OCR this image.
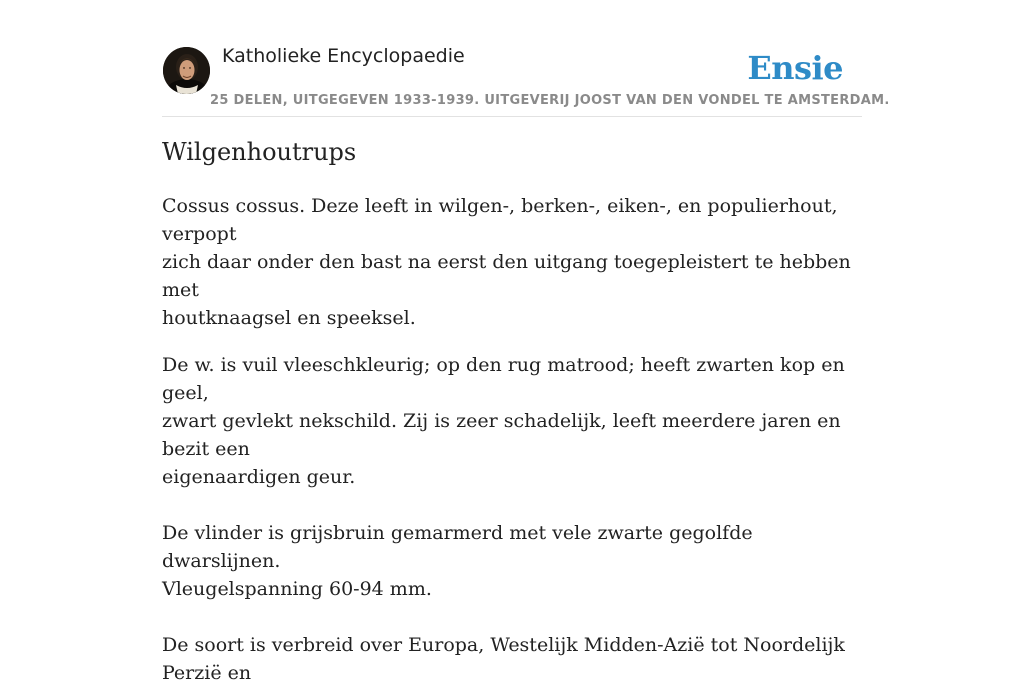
Katholieke Encyclopaedie	Ensie
25 DELEN, UITGEGEVEN 1933-1939. UITGEVERIJ JOOST VAN DEN VONDEL TE AMSTERDAM.
Wilgenhoutrups

Cossus cossus. Deze leeft in wilgen-, berken-, eiken-, en populierhout, verpopt
zich daar onder den bast na eerst den uitgang toegepleistert te hebben met
houtknaagsel en speeksel.

De w. is vuil vleeschkleurig; op den rug matrood; heeft zwarten kop en geel,
zwart gevlekt nekschild. Zij is zeer schadelijk, leeft meerdere jaren en bezit een
eigenaardigen geur.

De vlinder is grijsbruin gemarmerd met vele zwarte gegolfde dwarslijnen.
Vleugelspanning 60-94 mm.

De soort is verbreid over Europa, Westelijk Midden-Azië tot Noordelijk Perzië en
